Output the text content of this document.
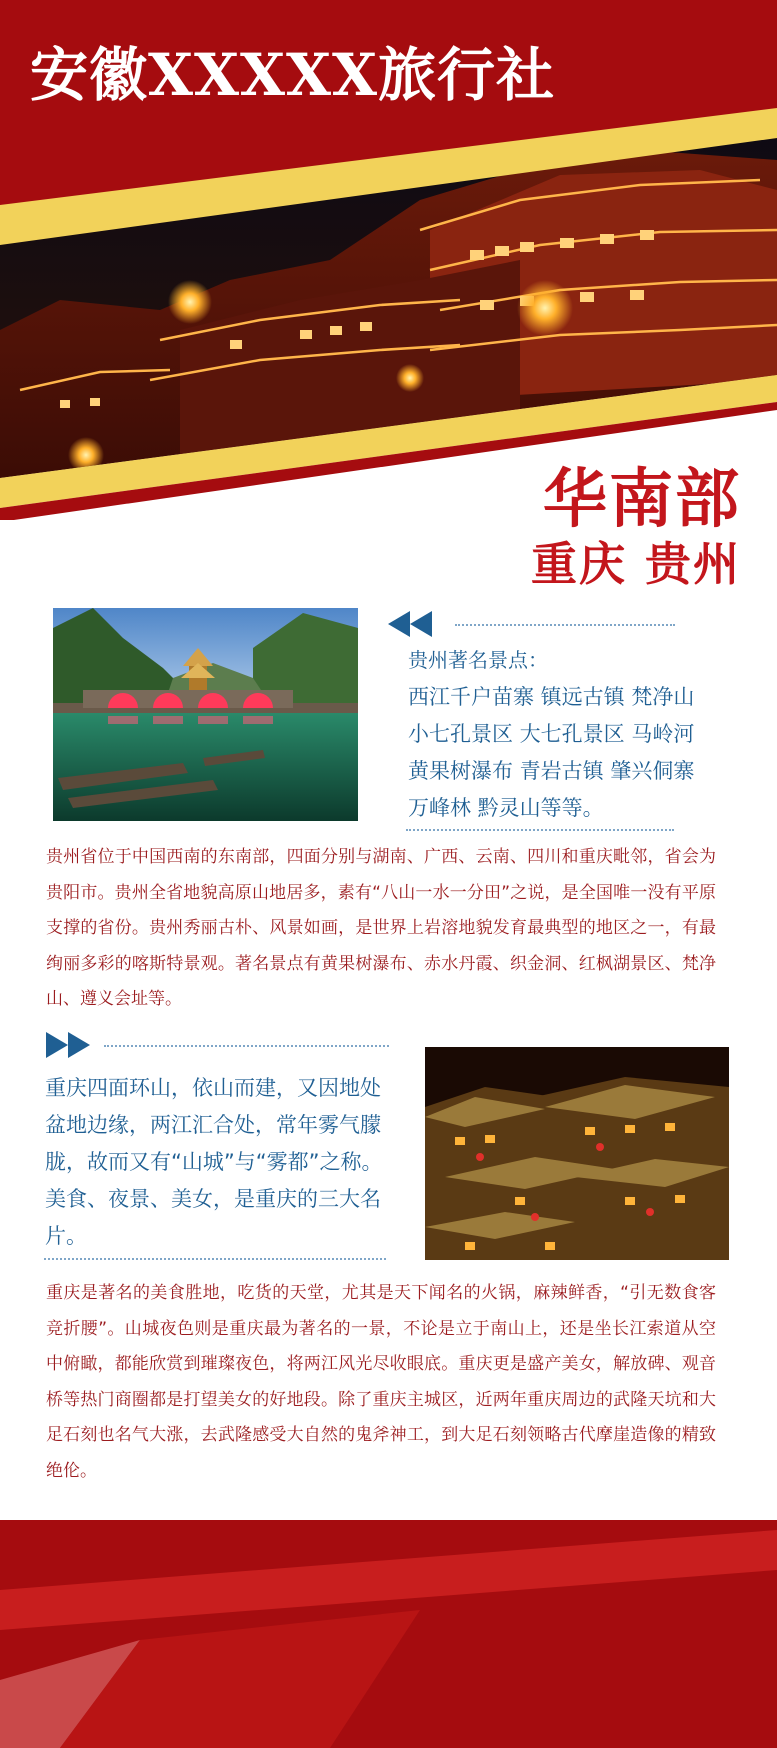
安徽XXXXX旅行社
华南部
重庆 贵州
贵州著名景点：
西江千户苗寨 镇远古镇 梵净山
小七孔景区 大七孔景区 马岭河
黄果树瀑布 青岩古镇 肇兴侗寨
万峰林 黔灵山等等。
贵州省位于中国西南的东南部，四面分别与湖南、广西、云南、四川和重庆毗邻，省会为贵阳市。贵州全省地貌高原山地居多，素有“八山一水一分田”之说，是全国唯一没有平原支撑的省份。贵州秀丽古朴、风景如画，是世界上岩溶地貌发育最典型的地区之一，有最绚丽多彩的喀斯特景观。著名景点有黄果树瀑布、赤水丹霞、织金洞、红枫湖景区、梵净山、遵义会址等。
重庆四面环山，依山而建，又因地处盆地边缘，两江汇合处，常年雾气朦胧，故而又有“山城”与“雾都”之称。美食、夜景、美女，是重庆的三大名片。
重庆是著名的美食胜地，吃货的天堂，尤其是天下闻名的火锅，麻辣鲜香，“引无数食客竞折腰”。山城夜色则是重庆最为著名的一景，不论是立于南山上，还是坐长江索道从空中俯瞰，都能欣赏到璀璨夜色，将两江风光尽收眼底。重庆更是盛产美女，解放碑、观音桥等热门商圈都是打望美女的好地段。除了重庆主城区，近两年重庆周边的武隆天坑和大足石刻也名气大涨，去武隆感受大自然的鬼斧神工，到大足石刻领略古代摩崖造像的精致绝伦。
